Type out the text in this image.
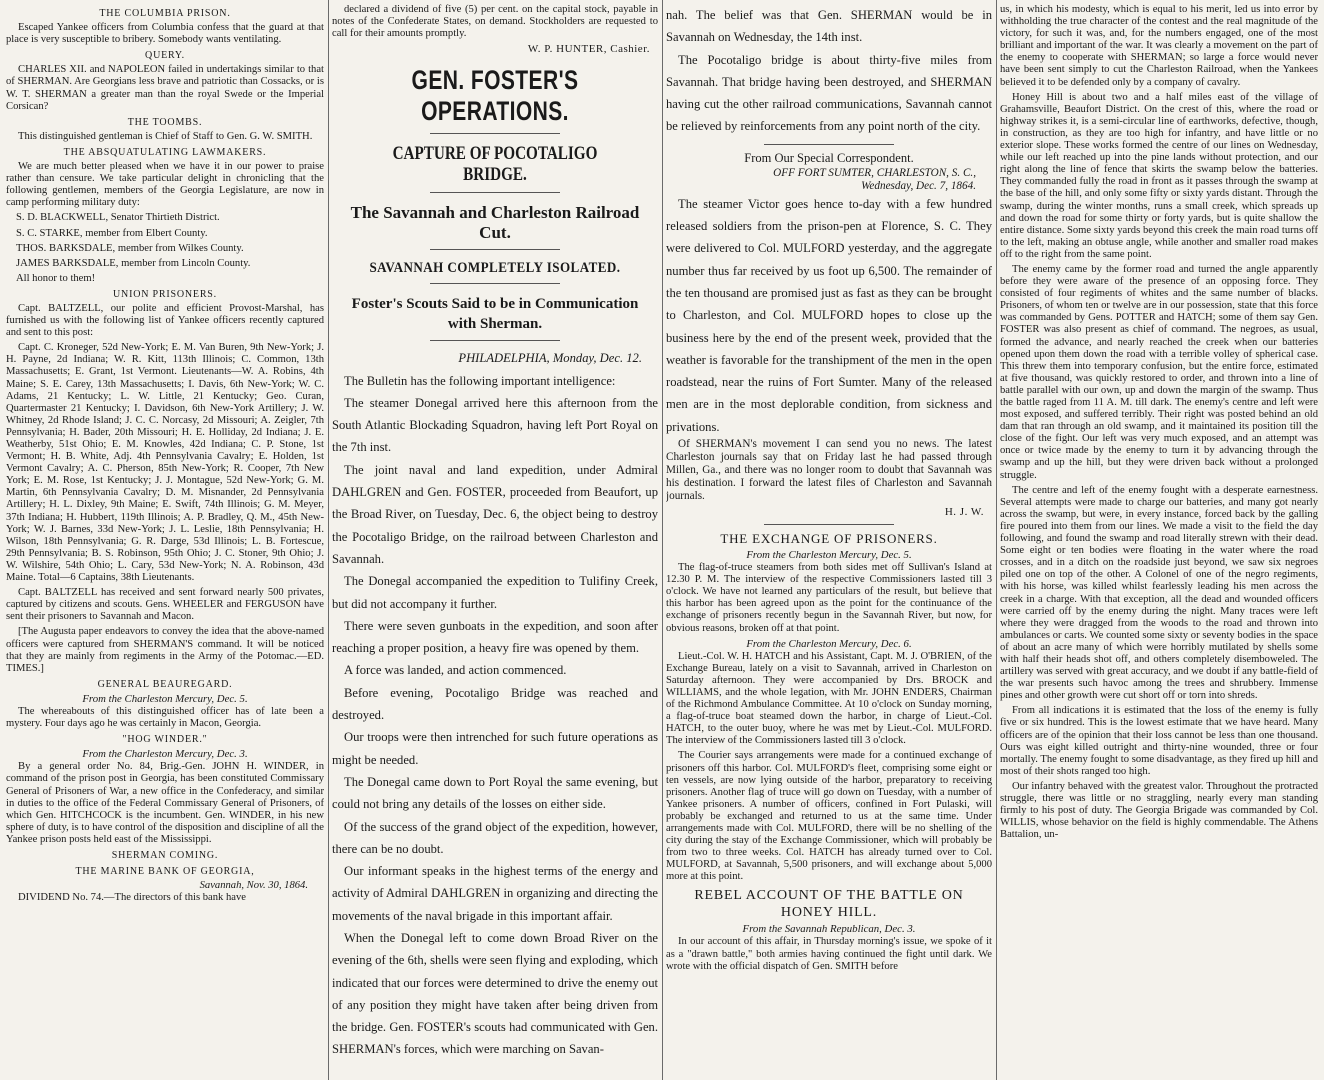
THE COLUMBIA PRISON.

Escaped Yankee officers from Columbia confess that the guard at that place is very susceptible to bribery. Somebody wants ventilating.

QUERY.

CHARLES XII. and NAPOLEON failed in undertakings similar to that of SHERMAN. Are Georgians less brave and patriotic than Cossacks, or is W. T. SHERMAN a greater man than the royal Swede or the Imperial Corsican?

THE TOOMBS.

This distinguished gentleman is Chief of Staff to Gen. G. W. SMITH.

THE ABSQUATULATING LAWMAKERS.

We are much better pleased when we have it in our power to praise rather than censure. We take particular delight in chronicling that the following gentlemen, members of the Georgia Legislature, are now in camp performing military duty:

S. D. BLACKWELL, Senator Thirtieth District.

S. C. STARKE, member from Elbert County.

THOS. BARKSDALE, member from Wilkes County.

JAMES BARKSDALE, member from Lincoln County.

All honor to them!

UNION PRISONERS.

Capt. BALTZELL, our polite and efficient Provost-Marshal, has furnished us with the following list of Yankee officers recently captured and sent to this post:

Capt. C. Kroneger, 52d New-York; E. M. Van Buren, 9th New-York; J. H. Payne, 2d Indiana; W. R. Kitt, 113th Illinois; C. Common, 13th Massachusetts; E. Grant, 1st Vermont. Lieutenants—W. A. Robins, 4th Maine; S. E. Carey, 13th Massachusetts; I. Davis, 6th New-York; W. C. Adams, 21 Kentucky; L. W. Little, 21 Kentucky; Geo. Curan, Quartermaster 21 Kentucky; I. Davidson, 6th New-York Artillery; J. W. Whitney, 2d Rhode Island; J. C. C. Norcasy, 2d Missouri; A. Zeigler, 7th Pennsylvania; H. Bader, 20th Missouri; H. E. Holliday, 2d Indiana; J. E. Weatherby, 51st Ohio; E. M. Knowles, 42d Indiana; C. P. Stone, 1st Vermont; H. B. White, Adj. 4th Pennsylvania Cavalry; E. Holden, 1st Vermont Cavalry; A. C. Pherson, 85th New-York; R. Cooper, 7th New York; E. M. Rose, 1st Kentucky; J. J. Montague, 52d New-York; G. M. Martin, 6th Pennsylvania Cavalry; D. M. Misnander, 2d Pennsylvania Artillery; H. L. Dixley, 9th Maine; E. Swift, 74th Illinois; G. M. Meyer, 37th Indiana; H. Hubbert, 119th Illinois; A. P. Bradley, Q. M., 45th New-York; W. J. Barnes, 33d New-York; J. L. Leslie, 18th Pennsylvania; H. Wilson, 18th Pennsylvania; G. R. Darge, 53d Illinois; L. B. Fortescue, 29th Pennsylvania; B. S. Robinson, 95th Ohio; J. C. Stoner, 9th Ohio; J. W. Wilshire, 54th Ohio; L. Cary, 53d New-York; N. A. Robinson, 43d Maine. Total—6 Captains, 38th Lieutenants.

Capt. BALTZELL has received and sent forward nearly 500 privates, captured by citizens and scouts. Gens. WHEELER and FERGUSON have sent their prisoners to Savannah and Macon.

[The Augusta paper endeavors to convey the idea that the above-named officers were captured from SHERMAN'S command. It will be noticed that they are mainly from regiments in the Army of the Potomac.—ED. TIMES.]

GENERAL BEAUREGARD.
From the Charleston Mercury, Dec. 5.

The whereabouts of this distinguished officer has of late been a mystery. Four days ago he was certainly in Macon, Georgia.

"HOG WINDER."
From the Charleston Mercury, Dec. 3.

By a general order No. 84, Brig.-Gen. JOHN H. WINDER, in command of the prison post in Georgia, has been constituted Commissary General of Prisoners of War, a new office in the Confederacy, and similar in duties to the office of the Federal Commissary General of Prisoners, of which Gen. HITCHCOCK is the incumbent. Gen. WINDER, in his new sphere of duty, is to have control of the disposition and discipline of all the Yankee prison posts held east of the Mississippi.

SHERMAN COMING.
THE MARINE BANK OF GEORGIA,
Savannah, Nov. 30, 1864.

DIVIDEND No. 74.—The directors of this bank have

declared a dividend of five (5) per cent. on the capital stock, payable in notes of the Confederate States, on demand. Stockholders are requested to call for their amounts promptly.

W. P. HUNTER, Cashier.
GEN. FOSTER'S OPERATIONS.
CAPTURE OF POCOTALIGO BRIDGE.
The Savannah and Charleston Railroad Cut.
SAVANNAH COMPLETELY ISOLATED.
Foster's Scouts Said to be in Communication with Sherman.
PHILADELPHIA, Monday, Dec. 12.

The Bulletin has the following important intelligence:

The steamer Donegal arrived here this afternoon from the South Atlantic Blockading Squadron, having left Port Royal on the 7th inst.

The joint naval and land expedition, under Admiral DAHLGREN and Gen. FOSTER, proceeded from Beaufort, up the Broad River, on Tuesday, Dec. 6, the object being to destroy the Pocotaligo Bridge, on the railroad between Charleston and Savannah.

The Donegal accompanied the expedition to Tulifiny Creek, but did not accompany it further.

There were seven gunboats in the expedition, and soon after reaching a proper position, a heavy fire was opened by them.

A force was landed, and action commenced.

Before evening, Pocotaligo Bridge was reached and destroyed.

Our troops were then intrenched for such future operations as might be needed.

The Donegal came down to Port Royal the same evening, but could not bring any details of the losses on either side.

Of the success of the grand object of the expedition, however, there can be no doubt.

Our informant speaks in the highest terms of the energy and activity of Admiral DAHLGREN in organizing and directing the movements of the naval brigade in this important affair.

When the Donegal left to come down Broad River on the evening of the 6th, shells were seen flying and exploding, which indicated that our forces were determined to drive the enemy out of any position they might have taken after being driven from the bridge. Gen. FOSTER's scouts had communicated with Gen. SHERMAN's forces, which were marching on Savan-

nah. The belief was that Gen. SHERMAN would be in Savannah on Wednesday, the 14th inst.

The Pocotaligo bridge is about thirty-five miles from Savannah. That bridge having been destroyed, and SHERMAN having cut the other railroad communications, Savannah cannot be relieved by reinforcements from any point north of the city.

From Our Special Correspondent.
OFF FORT SUMTER, CHARLESTON, S. C.,
Wednesday, Dec. 7, 1864.

The steamer Victor goes hence to-day with a few hundred released soldiers from the prison-pen at Florence, S. C. They were delivered to Col. MULFORD yesterday, and the aggregate number thus far received by us foot up 6,500. The remainder of the ten thousand are promised just as fast as they can be brought to Charleston, and Col. MULFORD hopes to close up the business here by the end of the present week, provided that the weather is favorable for the transhipment of the men in the open roadstead, near the ruins of Fort Sumter. Many of the released men are in the most deplorable condition, from sickness and privations.

Of SHERMAN's movement I can send you no news. The latest Charleston journals say that on Friday last he had passed through Millen, Ga., and there was no longer room to doubt that Savannah was his destination. I forward the latest files of Charleston and Savannah journals.

H. J. W.
THE EXCHANGE OF PRISONERS.
From the Charleston Mercury, Dec. 5.

The flag-of-truce steamers from both sides met off Sullivan's Island at 12.30 P. M. The interview of the respective Commissioners lasted till 3 o'clock. We have not learned any particulars of the result, but believe that this harbor has been agreed upon as the point for the continuance of the exchange of prisoners recently begun in the Savannah River, but now, for obvious reasons, broken off at that point.

From the Charleston Mercury, Dec. 6.

Lieut.-Col. W. H. HATCH and his Assistant, Capt. M. J. O'BRIEN, of the Exchange Bureau, lately on a visit to Savannah, arrived in Charleston on Saturday afternoon. They were accompanied by Drs. BROCK and WILLIAMS, and the whole legation, with Mr. JOHN ENDERS, Chairman of the Richmond Ambulance Committee. At 10 o'clock on Sunday morning, a flag-of-truce boat steamed down the harbor, in charge of Lieut.-Col. HATCH, to the outer buoy, where he was met by Lieut.-Col. MULFORD. The interview of the Commissioners lasted till 3 o'clock.

The Courier says arrangements were made for a continued exchange of prisoners off this harbor. Col. MULFORD's fleet, comprising some eight or ten vessels, are now lying outside of the harbor, preparatory to receiving prisoners. Another flag of truce will go down on Tuesday, with a number of Yankee prisoners. A number of officers, confined in Fort Pulaski, will probably be exchanged and returned to us at the same time. Under arrangements made with Col. MULFORD, there will be no shelling of the city during the stay of the Exchange Commissioner, which will probably be from two to three weeks. Col. HATCH has already turned over to Col. MULFORD, at Savannah, 5,500 prisoners, and will exchange about 5,000 more at this point.

REBEL ACCOUNT OF THE BATTLE ON HONEY HILL.
From the Savannah Republican, Dec. 3.

In our account of this affair, in Thursday morning's issue, we spoke of it as a "drawn battle," both armies having continued the fight until dark. We wrote with the official dispatch of Gen. SMITH before

us, in which his modesty, which is equal to his merit, led us into error by withholding the true character of the contest and the real magnitude of the victory, for such it was, and, for the numbers engaged, one of the most brilliant and important of the war. It was clearly a movement on the part of the enemy to cooperate with SHERMAN; so large a force would never have been sent simply to cut the Charleston Railroad, when the Yankees believed it to be defended only by a company of cavalry.

Honey Hill is about two and a half miles east of the village of Grahamsville, Beaufort District. On the crest of this, where the road or highway strikes it, is a semi-circular line of earthworks, defective, though, in construction, as they are too high for infantry, and have little or no exterior slope. These works formed the centre of our lines on Wednesday, while our left reached up into the pine lands without protection, and our right along the line of fence that skirts the swamp below the batteries. They commanded fully the road in front as it passes through the swamp at the base of the hill, and only some fifty or sixty yards distant. Through the swamp, during the winter months, runs a small creek, which spreads up and down the road for some thirty or forty yards, but is quite shallow the entire distance. Some sixty yards beyond this creek the main road turns off to the left, making an obtuse angle, while another and smaller road makes off to the right from the same point.

The enemy came by the former road and turned the angle apparently before they were aware of the presence of an opposing force. They consisted of four regiments of whites and the same number of blacks. Prisoners, of whom ten or twelve are in our possession, state that this force was commanded by Gens. POTTER and HATCH; some of them say Gen. FOSTER was also present as chief of command. The negroes, as usual, formed the advance, and nearly reached the creek when our batteries opened upon them down the road with a terrible volley of spherical case. This threw them into temporary confusion, but the entire force, estimated at five thousand, was quickly restored to order, and thrown into a line of battle parallel with our own, up and down the margin of the swamp. Thus the battle raged from 11 A. M. till dark. The enemy's centre and left were most exposed, and suffered terribly. Their right was posted behind an old dam that ran through an old swamp, and it maintained its position till the close of the fight. Our left was very much exposed, and an attempt was once or twice made by the enemy to turn it by advancing through the swamp and up the hill, but they were driven back without a prolonged struggle.

The centre and left of the enemy fought with a desperate earnestness. Several attempts were made to charge our batteries, and many got nearly across the swamp, but were, in every instance, forced back by the galling fire poured into them from our lines. We made a visit to the field the day following, and found the swamp and road literally strewn with their dead. Some eight or ten bodies were floating in the water where the road crosses, and in a ditch on the roadside just beyond, we saw six negroes piled one on top of the other. A Colonel of one of the negro regiments, with his horse, was killed whilst fearlessly leading his men across the creek in a charge. With that exception, all the dead and wounded officers were carried off by the enemy during the night. Many traces were left where they were dragged from the woods to the road and thrown into ambulances or carts. We counted some sixty or seventy bodies in the space of about an acre many of which were horribly mutilated by shells some with half their heads shot off, and others completely disemboweled. The artillery was served with great accuracy, and we doubt if any battle-field of the war presents such havoc among the trees and shrubbery. Immense pines and other growth were cut short off or torn into shreds.

From all indications it is estimated that the loss of the enemy is fully five or six hundred. This is the lowest estimate that we have heard. Many officers are of the opinion that their loss cannot be less than one thousand. Ours was eight killed outright and thirty-nine wounded, three or four mortally. The enemy fought to some disadvantage, as they fired up hill and most of their shots ranged too high.

Our infantry behaved with the greatest valor. Throughout the protracted struggle, there was little or no straggling, nearly every man standing firmly to his post of duty. The Georgia Brigade was commanded by Col. WILLIS, whose behavior on the field is highly commendable. The Athens Battalion, un-
